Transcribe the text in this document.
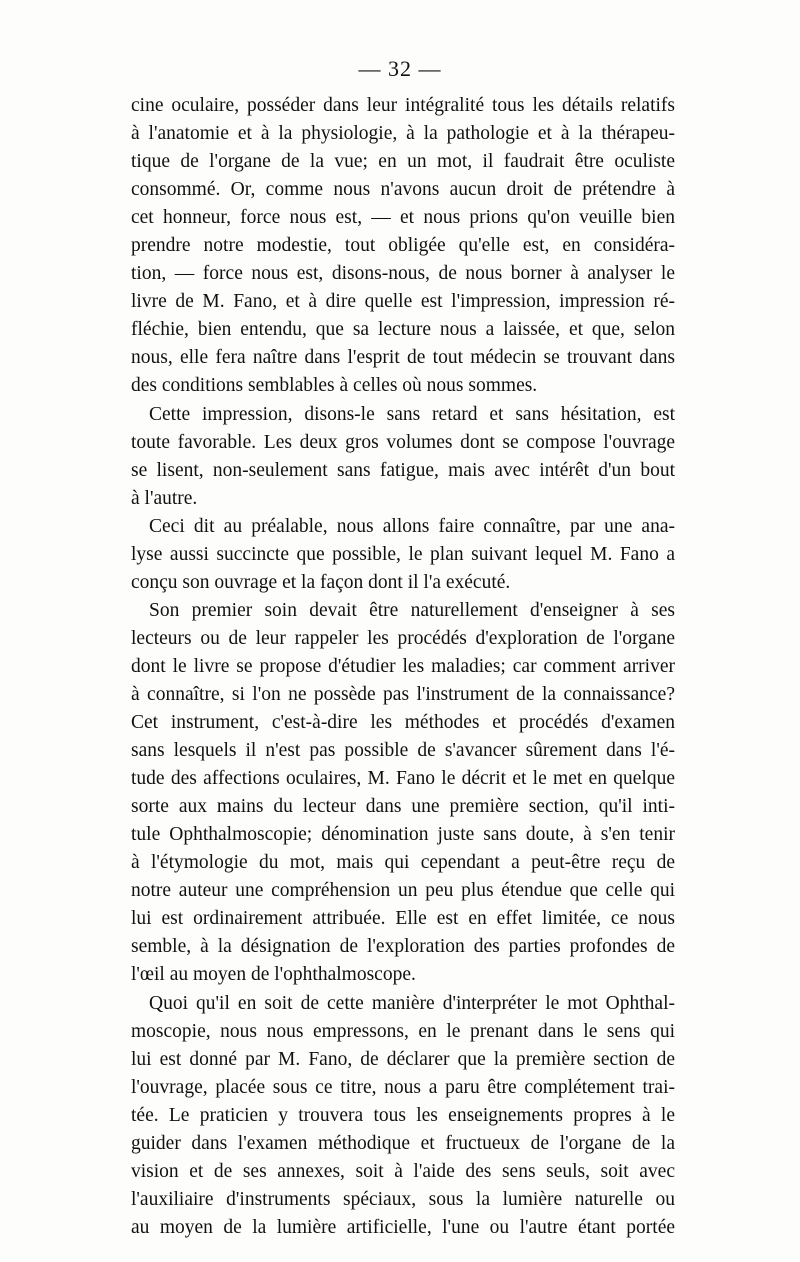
— 32 —
cine oculaire, posséder dans leur intégralité tous les détails relatifs
à l'anatomie et à la physiologie, à la pathologie et à la thérapeu-
tique de l'organe de la vue; en un mot, il faudrait être oculiste
consommé. Or, comme nous n'avons aucun droit de prétendre à
cet honneur, force nous est, — et nous prions qu'on veuille bien
prendre notre modestie, tout obligée qu'elle est, en considéra-
tion, — force nous est, disons-nous, de nous borner à analyser le
livre de M. Fano, et à dire quelle est l'impression, impression ré-
fléchie, bien entendu, que sa lecture nous a laissée, et que, selon
nous, elle fera naître dans l'esprit de tout médecin se trouvant dans
des conditions semblables à celles où nous sommes.
Cette impression, disons-le sans retard et sans hésitation, est
toute favorable. Les deux gros volumes dont se compose l'ouvrage
se lisent, non-seulement sans fatigue, mais avec intérêt d'un bout
à l'autre.
Ceci dit au préalable, nous allons faire connaître, par une ana-
lyse aussi succincte que possible, le plan suivant lequel M. Fano a
conçu son ouvrage et la façon dont il l'a exécuté.
Son premier soin devait être naturellement d'enseigner à ses
lecteurs ou de leur rappeler les procédés d'exploration de l'organe
dont le livre se propose d'étudier les maladies; car comment arriver
à connaître, si l'on ne possède pas l'instrument de la connaissance?
Cet instrument, c'est-à-dire les méthodes et procédés d'examen
sans lesquels il n'est pas possible de s'avancer sûrement dans l'é-
tude des affections oculaires, M. Fano le décrit et le met en quelque
sorte aux mains du lecteur dans une première section, qu'il inti-
tule Ophthalmoscopie; dénomination juste sans doute, à s'en tenir
à l'étymologie du mot, mais qui cependant a peut-être reçu de
notre auteur une compréhension un peu plus étendue que celle qui
lui est ordinairement attribuée. Elle est en effet limitée, ce nous
semble, à la désignation de l'exploration des parties profondes de
l'œil au moyen de l'ophthalmoscope.
Quoi qu'il en soit de cette manière d'interpréter le mot Ophthal-
moscopie, nous nous empressons, en le prenant dans le sens qui
lui est donné par M. Fano, de déclarer que la première section de
l'ouvrage, placée sous ce titre, nous a paru être complétement trai-
tée. Le praticien y trouvera tous les enseignements propres à le
guider dans l'examen méthodique et fructueux de l'organe de la
vision et de ses annexes, soit à l'aide des sens seuls, soit avec
l'auxiliaire d'instruments spéciaux, sous la lumière naturelle ou
au moyen de la lumière artificielle, l'une ou l'autre étant portée
